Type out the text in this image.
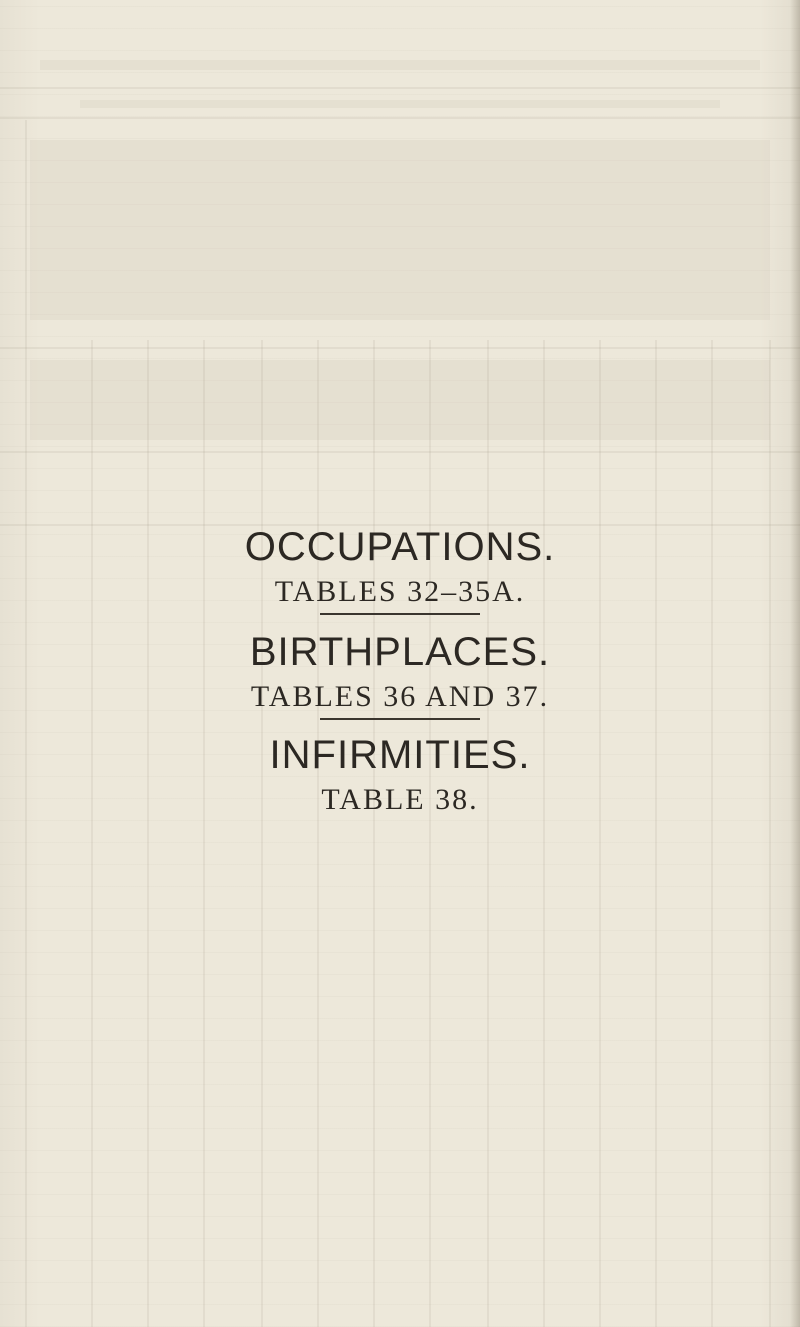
OCCUPATIONS.
TABLES 32–35A.
BIRTHPLACES.
TABLES 36 AND 37.
INFIRMITIES.
TABLE 38.
